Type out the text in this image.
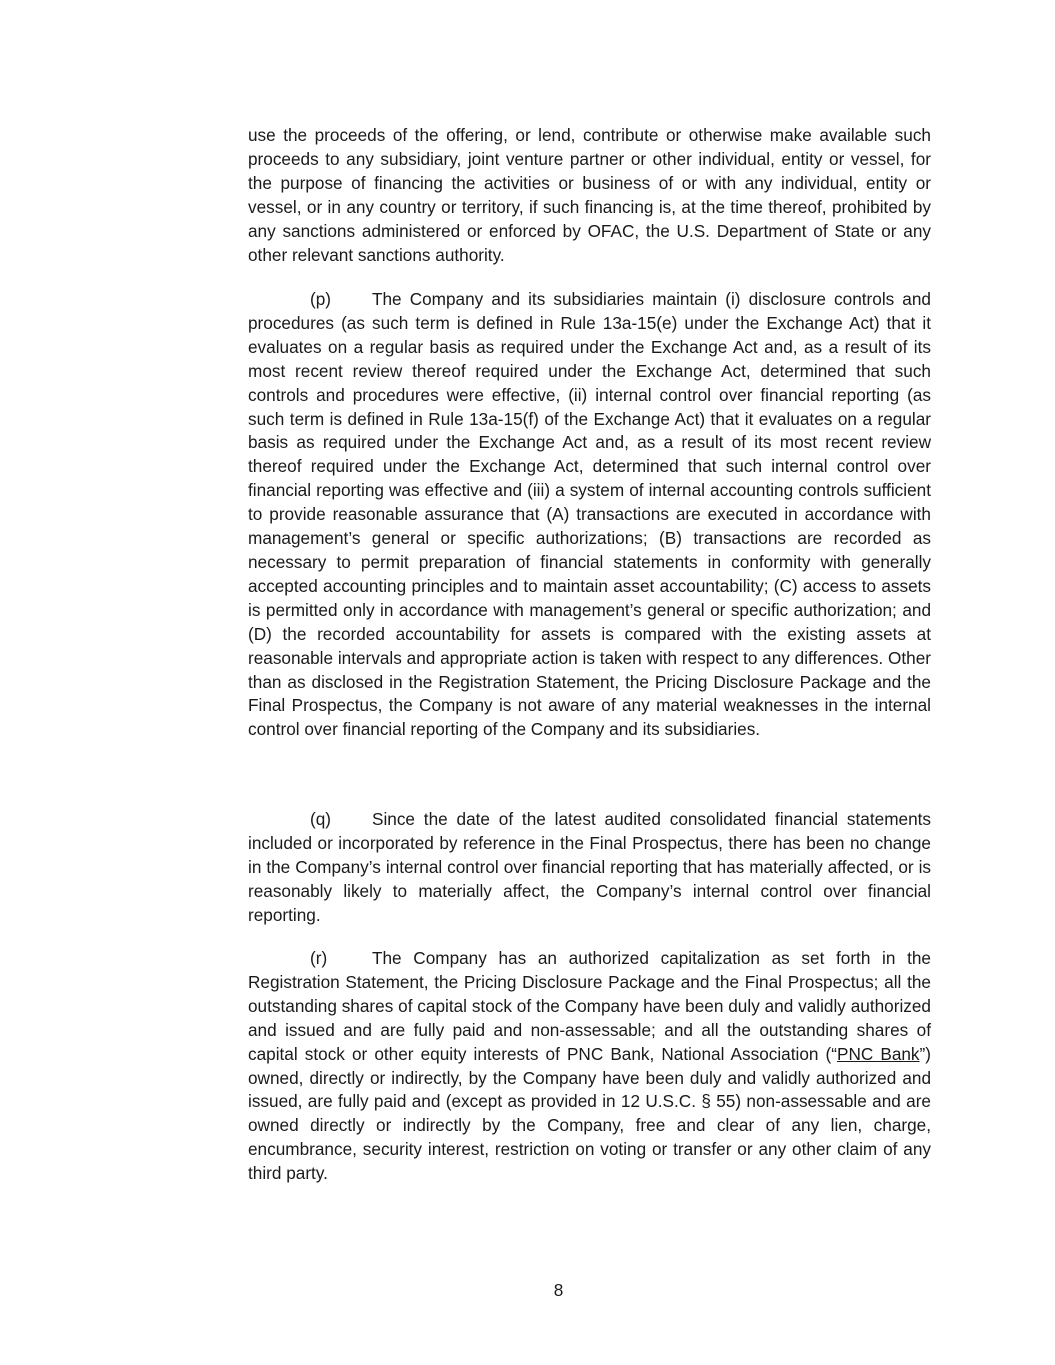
use the proceeds of the offering, or lend, contribute or otherwise make available such proceeds to any subsidiary, joint venture partner or other individual, entity or vessel, for the purpose of financing the activities or business of or with any individual, entity or vessel, or in any country or territory, if such financing is, at the time thereof, prohibited by any sanctions administered or enforced by OFAC, the U.S. Department of State or any other relevant sanctions authority.

(p) The Company and its subsidiaries maintain (i) disclosure controls and procedures (as such term is defined in Rule 13a-15(e) under the Exchange Act) that it evaluates on a regular basis as required under the Exchange Act and, as a result of its most recent review thereof required under the Exchange Act, determined that such controls and procedures were effective, (ii) internal control over financial reporting (as such term is defined in Rule 13a-15(f) of the Exchange Act) that it evaluates on a regular basis as required under the Exchange Act and, as a result of its most recent review thereof required under the Exchange Act, determined that such internal control over financial reporting was effective and (iii) a system of internal accounting controls sufficient to provide reasonable assurance that (A) transactions are executed in accordance with management’s general or specific authorizations; (B) transactions are recorded as necessary to permit preparation of financial statements in conformity with generally accepted accounting principles and to maintain asset accountability; (C) access to assets is permitted only in accordance with management’s general or specific authorization; and (D) the recorded accountability for assets is compared with the existing assets at reasonable intervals and appropriate action is taken with respect to any differences. Other than as disclosed in the Registration Statement, the Pricing Disclosure Package and the Final Prospectus, the Company is not aware of any material weaknesses in the internal control over financial reporting of the Company and its subsidiaries.

(q) Since the date of the latest audited consolidated financial statements included or incorporated by reference in the Final Prospectus, there has been no change in the Company’s internal control over financial reporting that has materially affected, or is reasonably likely to materially affect, the Company’s internal control over financial reporting.

(r)	The Company has an authorized capitalization as set forth in the Registration Statement, the Pricing Disclosure Package and the Final Prospectus; all the outstanding shares of capital stock of the Company have been duly and validly authorized and issued and are fully paid and non-assessable; and all the outstanding shares of capital stock or other equity interests of PNC Bank, National Association (“PNC Bank”) owned, directly or indirectly, by the Company have been duly and validly authorized and issued, are fully paid and (except as provided in 12 U.S.C. § 55) non-assessable and are owned directly or indirectly by the Company, free and clear of any lien, charge, encumbrance, security interest, restriction on voting or transfer or any other claim of any third party.

8
